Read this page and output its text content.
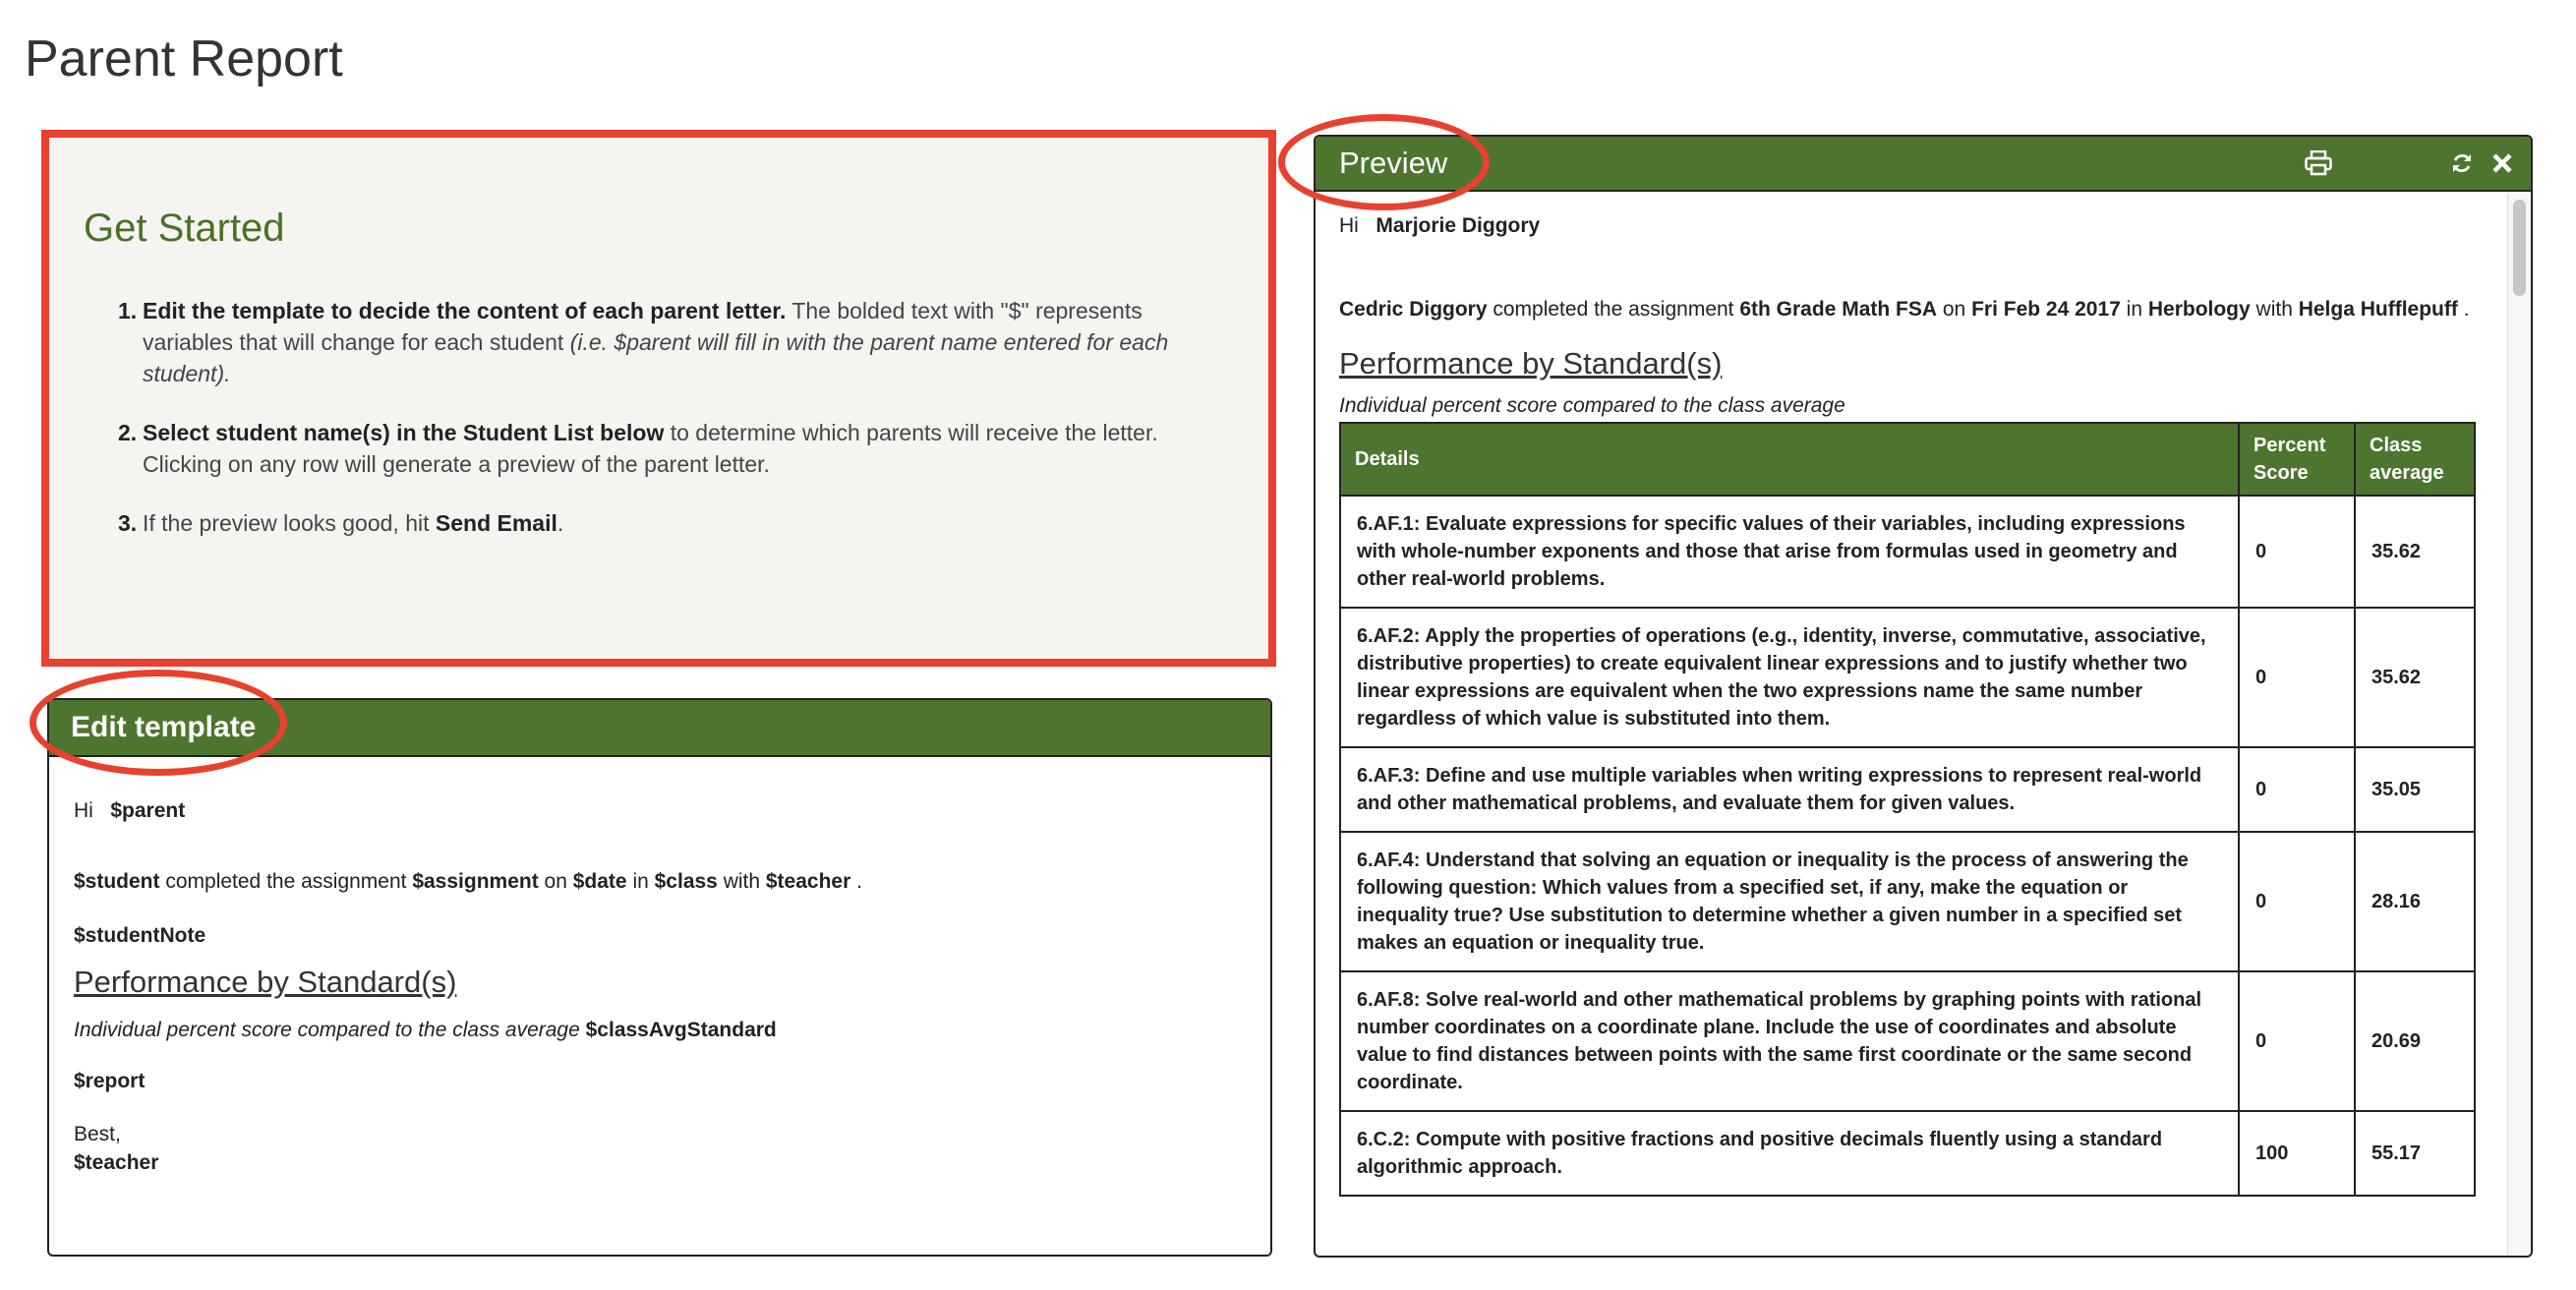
Parent Report
Get Started
1. Edit the template to decide the content of each parent letter. The bolded text with "$" represents variables that will change for each student (i.e. $parent will fill in with the parent name entered for each student).
2. Select student name(s) in the Student List below to determine which parents will receive the letter. Clicking on any row will generate a preview of the parent letter.
3. If the preview looks good, hit Send Email.
Edit template
Hi $parent
$student completed the assignment $assignment on $date in $class with $teacher .
$studentNote
Performance by Standard(s)
Individual percent score compared to the class average $classAvgStandard
$report
Best,
$teacher
Preview
Hi Marjorie Diggory
Cedric Diggory completed the assignment 6th Grade Math FSA on Fri Feb 24 2017 in Herbology with Helga Hufflepuff .
Performance by Standard(s)
Individual percent score compared to the class average
Details	Percent Score	Class average
6.AF.1: Evaluate expressions for specific values of their variables, including expressions with whole-number exponents and those that arise from formulas used in geometry and other real-world problems.	0	35.62
6.AF.2: Apply the properties of operations (e.g., identity, inverse, commutative, associative, distributive properties) to create equivalent linear expressions and to justify whether two linear expressions are equivalent when the two expressions name the same number regardless of which value is substituted into them.	0	35.62
6.AF.3: Define and use multiple variables when writing expressions to represent real-world and other mathematical problems, and evaluate them for given values.	0	35.05
6.AF.4: Understand that solving an equation or inequality is the process of answering the following question: Which values from a specified set, if any, make the equation or inequality true? Use substitution to determine whether a given number in a specified set makes an equation or inequality true.	0	28.16
6.AF.8: Solve real-world and other mathematical problems by graphing points with rational number coordinates on a coordinate plane. Include the use of coordinates and absolute value to find distances between points with the same first coordinate or the same second coordinate.	0	20.69
6.C.2: Compute with positive fractions and positive decimals fluently using a standard algorithmic approach.	100	55.17
